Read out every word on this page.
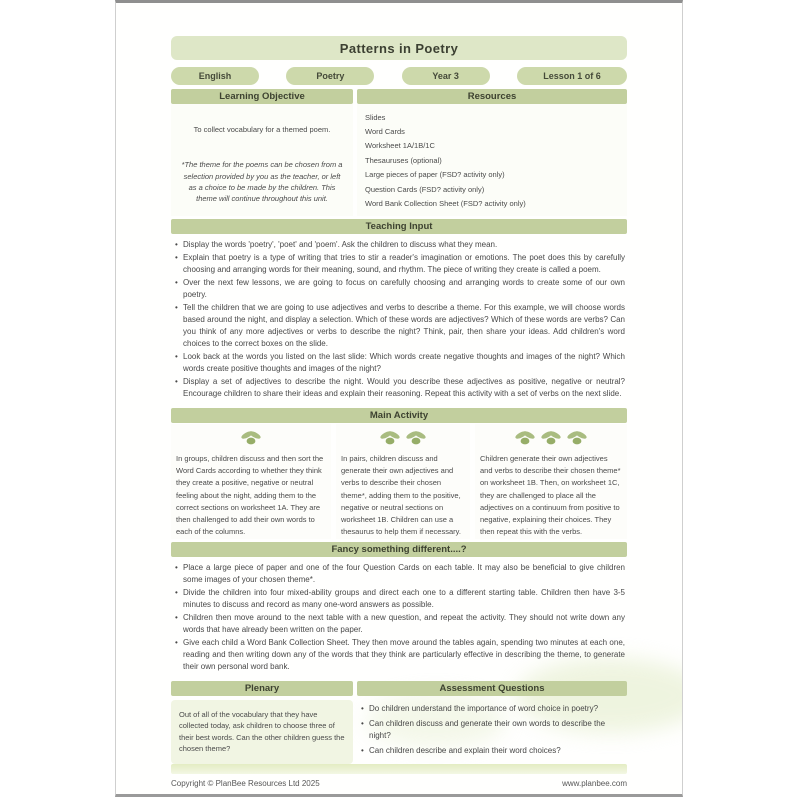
Patterns in Poetry
English	Poetry	Year 3	Lesson 1 of 6
Learning Objective
To collect vocabulary for a themed poem.
*The theme for the poems can be chosen from a selection provided by you as the teacher, or left as a choice to be made by the children. This theme will continue throughout this unit.
Resources
Slides
Word Cards
Worksheet 1A/1B/1C
Thesauruses (optional)
Large pieces of paper (FSD? activity only)
Question Cards (FSD? activity only)
Word Bank Collection Sheet (FSD? activity only)
Teaching Input
• Display the words 'poetry', 'poet' and 'poem'. Ask the children to discuss what they mean.
• Explain that poetry is a type of writing that tries to stir a reader's imagination or emotions. The poet does this by carefully choosing and arranging words for their meaning, sound, and rhythm. The piece of writing they create is called a poem.
• Over the next few lessons, we are going to focus on carefully choosing and arranging words to create some of our own poetry.
• Tell the children that we are going to use adjectives and verbs to describe a theme. For this example, we will choose words based around the night, and display a selection. Which of these words are adjectives? Which of these words are verbs? Can you think of any more adjectives or verbs to describe the night? Think, pair, then share your ideas. Add children's word choices to the correct boxes on the slide.
• Look back at the words you listed on the last slide: Which words create negative thoughts and images of the night? Which words create positive thoughts and images of the night?
• Display a set of adjectives to describe the night. Would you describe these adjectives as positive, negative or neutral? Encourage children to share their ideas and explain their reasoning. Repeat this activity with a set of verbs on the next slide.
Main Activity
In groups, children discuss and then sort the Word Cards according to whether they think they create a positive, negative or neutral feeling about the night, adding them to the correct sections on worksheet 1A. They are then challenged to add their own words to each of the columns.
In pairs, children discuss and generate their own adjectives and verbs to describe their chosen theme*, adding them to the positive, negative or neutral sections on worksheet 1B. Children can use a thesaurus to help them if necessary.
Children generate their own adjectives and verbs to describe their chosen theme* on worksheet 1B. Then, on worksheet 1C, they are challenged to place all the adjectives on a continuum from positive to negative, explaining their choices. They then repeat this with the verbs.
Fancy something different....?
• Place a large piece of paper and one of the four Question Cards on each table. It may also be beneficial to give children some images of your chosen theme*.
• Divide the children into four mixed-ability groups and direct each one to a different starting table. Children then have 3-5 minutes to discuss and record as many one-word answers as possible.
• Children then move around to the next table with a new question, and repeat the activity. They should not write down any words that have already been written on the paper.
• Give each child a Word Bank Collection Sheet. They then move around the tables again, spending two minutes at each one, reading and then writing down any of the words that they think are particularly effective in describing the theme, to generate their own personal word bank.
Plenary
Out of all of the vocabulary that they have collected today, ask children to choose three of their best words. Can the other children guess the chosen theme?
Assessment Questions
• Do children understand the importance of word choice in poetry?
• Can children discuss and generate their own words to describe the night?
• Can children describe and explain their word choices?
Copyright © PlanBee Resources Ltd 2025	www.planbee.com
